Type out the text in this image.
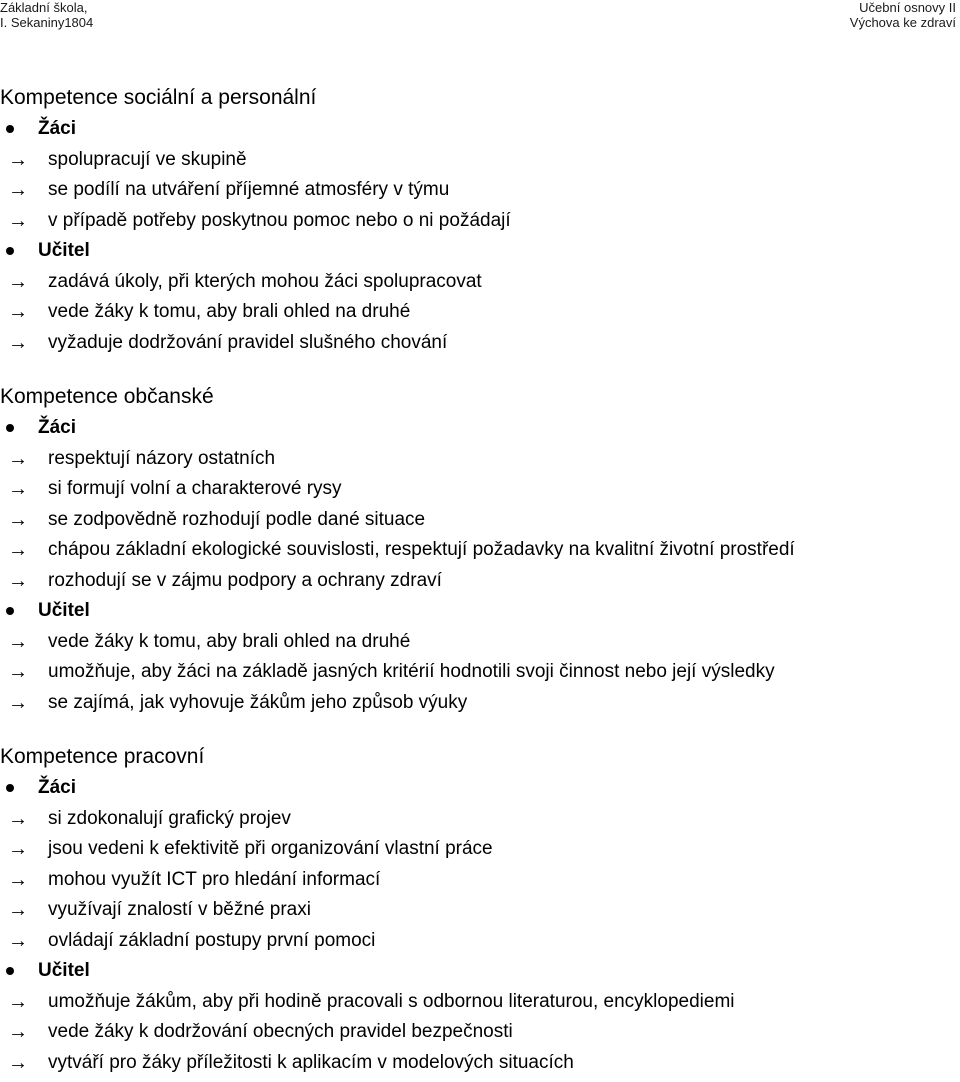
Základní škola,
I. Sekaniny1804
Učební osnovy II
Výchova ke zdraví
Kompetence sociální a personální
Žáci
→ spolupracují ve skupině
→ se podílí na utváření příjemné atmosféry v týmu
→ v případě potřeby poskytnou pomoc nebo o ni požádají
Učitel
→ zadává úkoly, při kterých mohou žáci spolupracovat
→ vede žáky k tomu, aby brali ohled na druhé
→ vyžaduje dodržování pravidel slušného chování
Kompetence občanské
Žáci
→ respektují názory ostatních
→ si formují volní a charakterové rysy
→ se zodpovědně rozhodují podle dané situace
→ chápou základní ekologické souvislosti, respektují požadavky na kvalitní životní prostředí
→ rozhodují se v zájmu podpory a ochrany zdraví
Učitel
→ vede žáky k tomu, aby brali ohled na druhé
→ umožňuje, aby žáci na základě jasných kritérií hodnotili svoji činnost nebo její výsledky
→ se zajímá, jak vyhovuje žákům jeho způsob výuky
Kompetence pracovní
Žáci
→ si zdokonalují grafický projev
→ jsou vedeni k efektivitě při organizování vlastní práce
→ mohou využít ICT pro hledání informací
→ využívají znalostí v běžné praxi
→ ovládají základní postupy první pomoci
Učitel
→ umožňuje žákům, aby při hodině pracovali s odbornou literaturou, encyklopediemi
→ vede žáky k dodržování obecných pravidel bezpečnosti
→ vytváří pro žáky příležitosti k aplikacím v modelových situacích
